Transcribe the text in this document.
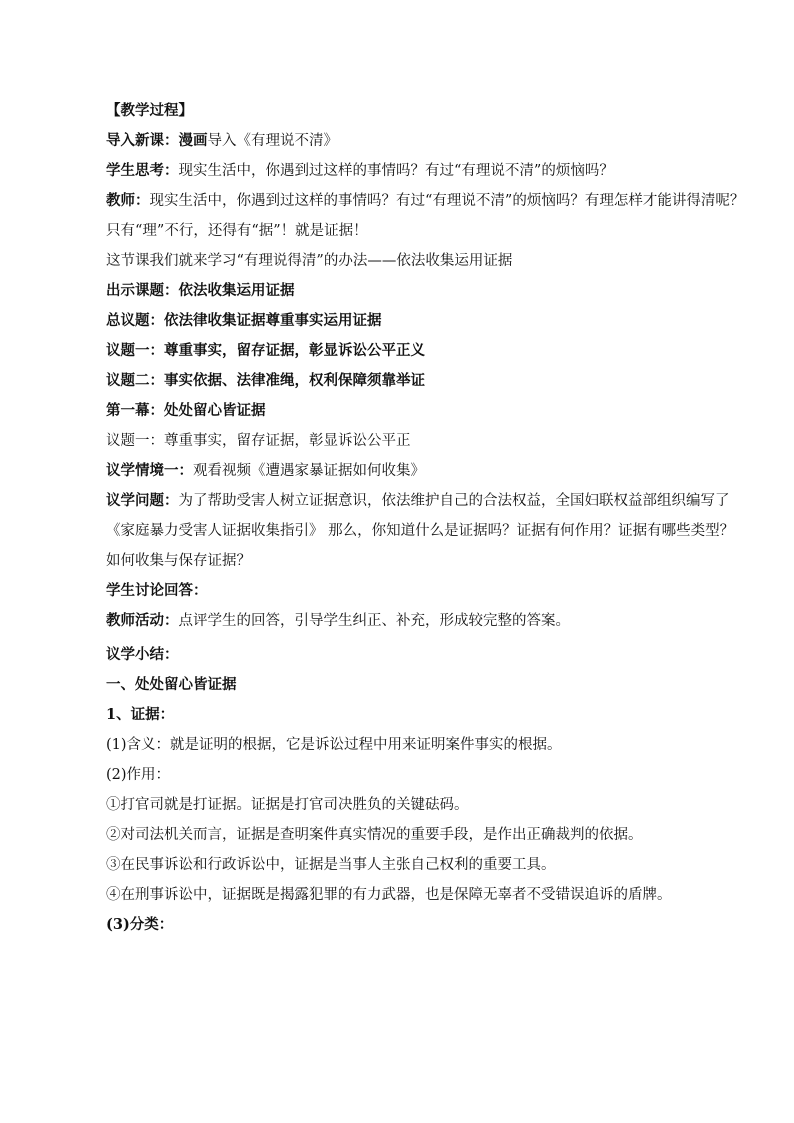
【教学过程】
导入新课：漫画导入《有理说不清》
学生思考：现实生活中，你遇到过这样的事情吗？有过“有理说不清”的烦恼吗？
教师：现实生活中，你遇到过这样的事情吗？有过“有理说不清”的烦恼吗？有理怎样才能讲得清呢？只有“理”不行，还得有“据”！就是证据！
这节课我们就来学习“有理说得清”的办法——依法收集运用证据
出示课题：依法收集运用证据
总议题：依法律收集证据尊重事实运用证据
议题一：尊重事实，留存证据，彰显诉讼公平正义
议题二：事实依据、法律准绳，权利保障须靠举证
第一幕：处处留心皆证据
议题一：尊重事实，留存证据，彰显诉讼公平正
议学情境一：观看视频《遭遇家暴证据如何收集》
议学问题：为了帮助受害人树立证据意识，依法维护自己的合法权益，全国妇联权益部组织编写了《家庭暴力受害人证据收集指引》 那么，你知道什么是证据吗？证据有何作用？证据有哪些类型？如何收集与保存证据？
学生讨论回答：
教师活动：点评学生的回答，引导学生纠正、补充，形成较完整的答案。
议学小结：
一、处处留心皆证据
1、证据：
(1)含义：就是证明的根据，它是诉讼过程中用来证明案件事实的根据。
(2)作用：
①打官司就是打证据。证据是打官司决胜负的关键砝码。
②对司法机关而言，证据是查明案件真实情况的重要手段，是作出正确裁判的依据。
③在民事诉讼和行政诉讼中，证据是当事人主张自己权利的重要工具。
④在刑事诉讼中，证据既是揭露犯罪的有力武器，也是保障无辜者不受错误追诉的盾牌。
(3)分类：
